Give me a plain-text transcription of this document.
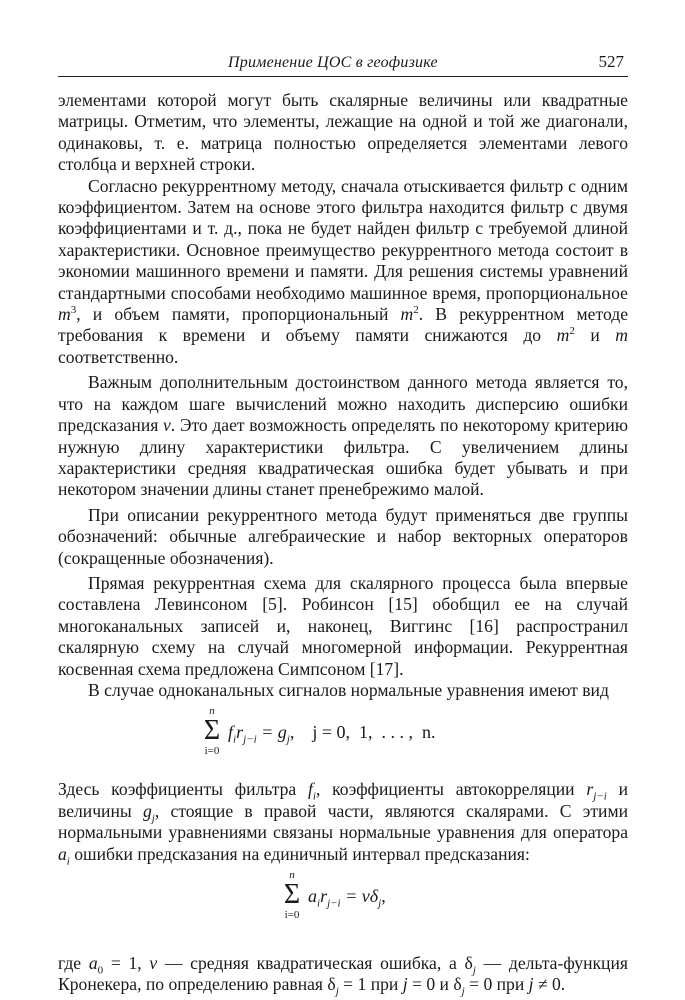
Применение ЦОС в геофизике	527

элементами которой могут быть скалярные величины или квадратные матрицы. Отметим, что элементы, лежащие на одной и той же диагонали, одинаковы, т. е. матрица полностью определяется элементами левого столбца и верхней строки.

Согласно рекуррентному методу, сначала отыскивается фильтр с одним коэффициентом. Затем на основе этого фильтра находится фильтр с двумя коэффициентами и т. д., пока не будет найден фильтр с требуемой длиной характеристики. Основное преимущество рекуррентного метода состоит в экономии машинного времени и памяти. Для решения системы уравнений стандартными способами необходимо машинное время, пропорциональное $m^3$, и объем памяти, пропорциональный $m^2$. В рекуррентном методе требования к времени и объему памяти снижаются до $m^2$ и m соответственно.

Важным дополнительным достоинством данного метода является то, что на каждом шаге вычислений можно находить дисперсию ошибки предсказания v. Это дает возможность определять по некоторому критерию нужную длину характеристики фильтра. С увеличением длины характеристики средняя квадратическая ошибка будет убывать и при некотором значении длины станет пренебрежимо малой.

При описании рекуррентного метода будут применяться две группы обозначений: обычные алгебраические и набор векторных операторов (сокращенные обозначения).

Прямая рекуррентная схема для скалярного процесса была впервые составлена Левинсоном [5]. Робинсон [15] обобщил ее на случай многоканальных записей и, наконец, Виггинс [16] распространил скалярную схему на случай многомерной информации. Рекуррентная косвенная схема предложена Симпсоном [17].

В случае одноканальных сигналов нормальные уравнения имеют вид

n
Σ
i=0
$f_ir_{j-i} = g_j$,    j = 0,  1,  . . . ,  n.

Здесь коэффициенты фильтра $f_i$, коэффициенты автокорреляции $r_{j-i}$ и величины $g_j$, стоящие в правой части, являются скалярами. С этими нормальными уравнениями связаны нормальные уравнения для оператора $a_i$ ошибки предсказания на единичный интервал предсказания:

n
Σ
i=0
$a_ir_{j-i} = v\delta_j$,

где $a_0 = 1$, v — средняя квадратическая ошибка, а $\delta_j$ — дельта-функция Кронекера, по определению равная $\delta_j = 1$ при j = 0 и $\delta_j = 0$ при j ≠ 0.
